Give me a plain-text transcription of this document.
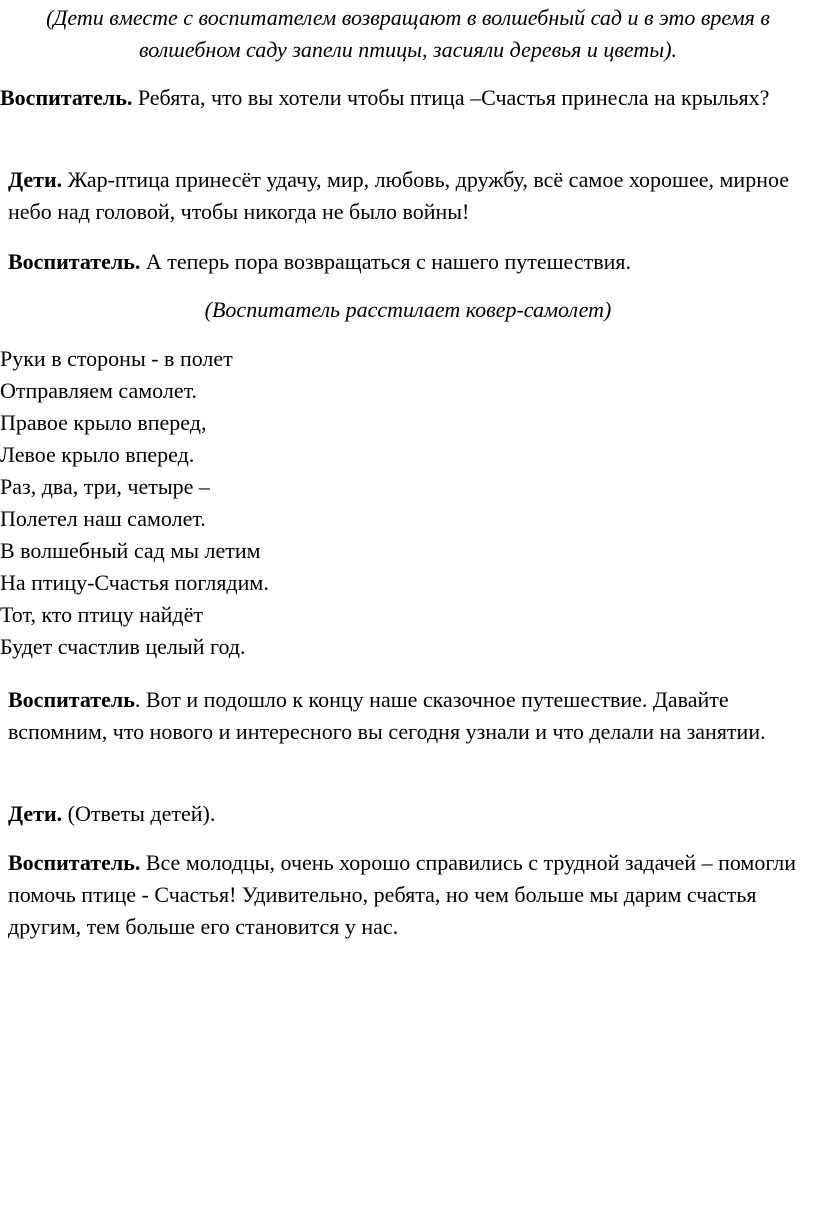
(Дети вместе с воспитателем возвращают в волшебный сад и в это время в волшебном саду запели птицы, засияли деревья и цветы).

Воспитатель. Ребята, что вы хотели чтобы птица –Счастья принесла на крыльях?

Дети. Жар-птица принесёт удачу, мир, любовь, дружбу, всё самое хорошее, мирное небо над головой, чтобы никогда не было войны!

Воспитатель. А теперь пора возвращаться с нашего путешествия.

(Воспитатель расстилает ковер-самолет)

Руки в стороны - в полет
Отправляем самолет.
Правое крыло вперед,
Левое крыло вперед.
Раз, два, три, четыре –
Полетел наш самолет.
В волшебный сад мы летим
На птицу-Счастья поглядим.
Тот, кто птицу найдёт
Будет счастлив целый год.

Воспитатель. Вот и подошло к концу наше сказочное путешествие. Давайте вспомним, что нового и интересного вы сегодня узнали и что делали на занятии.

Дети. (Ответы детей).

Воспитатель. Все молодцы, очень хорошо справились с трудной задачей – помогли помочь птице - Счастья! Удивительно, ребята, но чем больше мы дарим счастья другим, тем больше его становится у нас.
